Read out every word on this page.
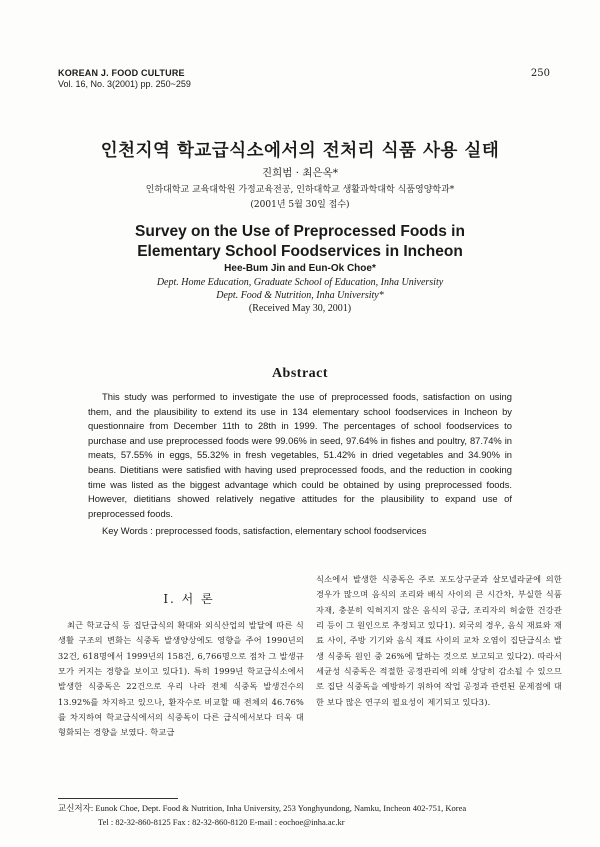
KOREAN J. FOOD CULTURE
Vol. 16, No. 3(2001) pp. 250~259
250
인천지역 학교급식소에서의 전처리 식품 사용 실태
진희범 · 최은옥*
인하대학교 교육대학원 가정교육전공, 인하대학교 생활과학대학 식품영양학과*
(2001년 5월 30일 접수)
Survey on the Use of Preprocessed Foods in
Elementary School Foodservices in Incheon
Hee-Bum Jin and Eun-Ok Choe*
Dept. Home Education, Graduate School of Education, Inha University
Dept. Food & Nutrition, Inha University*
(Received May 30, 2001)
Abstract

This study was performed to investigate the use of preprocessed foods, satisfaction on using them, and the plausibility to extend its use in 134 elementary school foodservices in Incheon by questionnaire from December 11th to 28th in 1999. The percentages of school foodservices to purchase and use preprocessed foods were 99.06% in seed, 97.64% in fishes and poultry, 87.74% in meats, 57.55% in eggs, 55.32% in fresh vegetables, 51.42% in dried vegetables and 34.90% in beans. Dietitians were satisfied with having used preprocessed foods, and the reduction in cooking time was listed as the biggest advantage which could be obtained by using preprocessed foods. However, dietitians showed relatively negative attitudes for the plausibility to expand use of preprocessed foods.

Key Words : preprocessed foods, satisfaction, elementary school foodservices
I. 서 론

최근 학교급식 등 집단급식의 확대와 외식산업의 발달에 따른 식생활 구조의 변화는 식중독 발생양상에도 영향을 주어 1990년의 32건, 618명에서 1999년의 158건, 6,766명으로 점차 그 발생규모가 커지는 경향을 보이고 있다1). 특히 1999년 학교급식소에서 발생한 식중독은 22건으로 우리 나라 전체 식중독 발생건수의 13.92%를 차지하고 있으나, 환자수로 비교할 때 전체의 46.76%를 차지하여 학교급식에서의 식중독이 다른 급식에서보다 더욱 대형화되는 경향을 보였다. 학교급

식소에서 발생한 식중독은 주로 포도상구균과 살모넬라균에 의한 경우가 많으며 음식의 조리와 배식 사이의 큰 시간차, 부실한 식품자재, 충분히 익혀지지 않은 음식의 공급, 조리자의 허술한 건강관리 등이 그 원인으로 추정되고 있다1). 외국의 경우, 음식 재료와 재료 사이, 주방 기기와 음식 재료 사이의 교차 오염이 집단급식소 발생 식중독 원인 중 26%에 달하는 것으로 보고되고 있다2). 따라서 세균성 식중독은 적절한 공정관리에 의해 상당히 감소될 수 있으므로 집단 식중독을 예방하기 위하여 작업 공정과 관련된 문제점에 대한 보다 많은 연구의 필요성이 제기되고 있다3).

교신저자: Eunok Choe, Dept. Food & Nutrition, Inha University, 253 Yonghyundong, Namku, Incheon 402-751, Korea
Tel : 82-32-860-8125 Fax : 82-32-860-8120 E-mail : eochoe@inha.ac.kr
